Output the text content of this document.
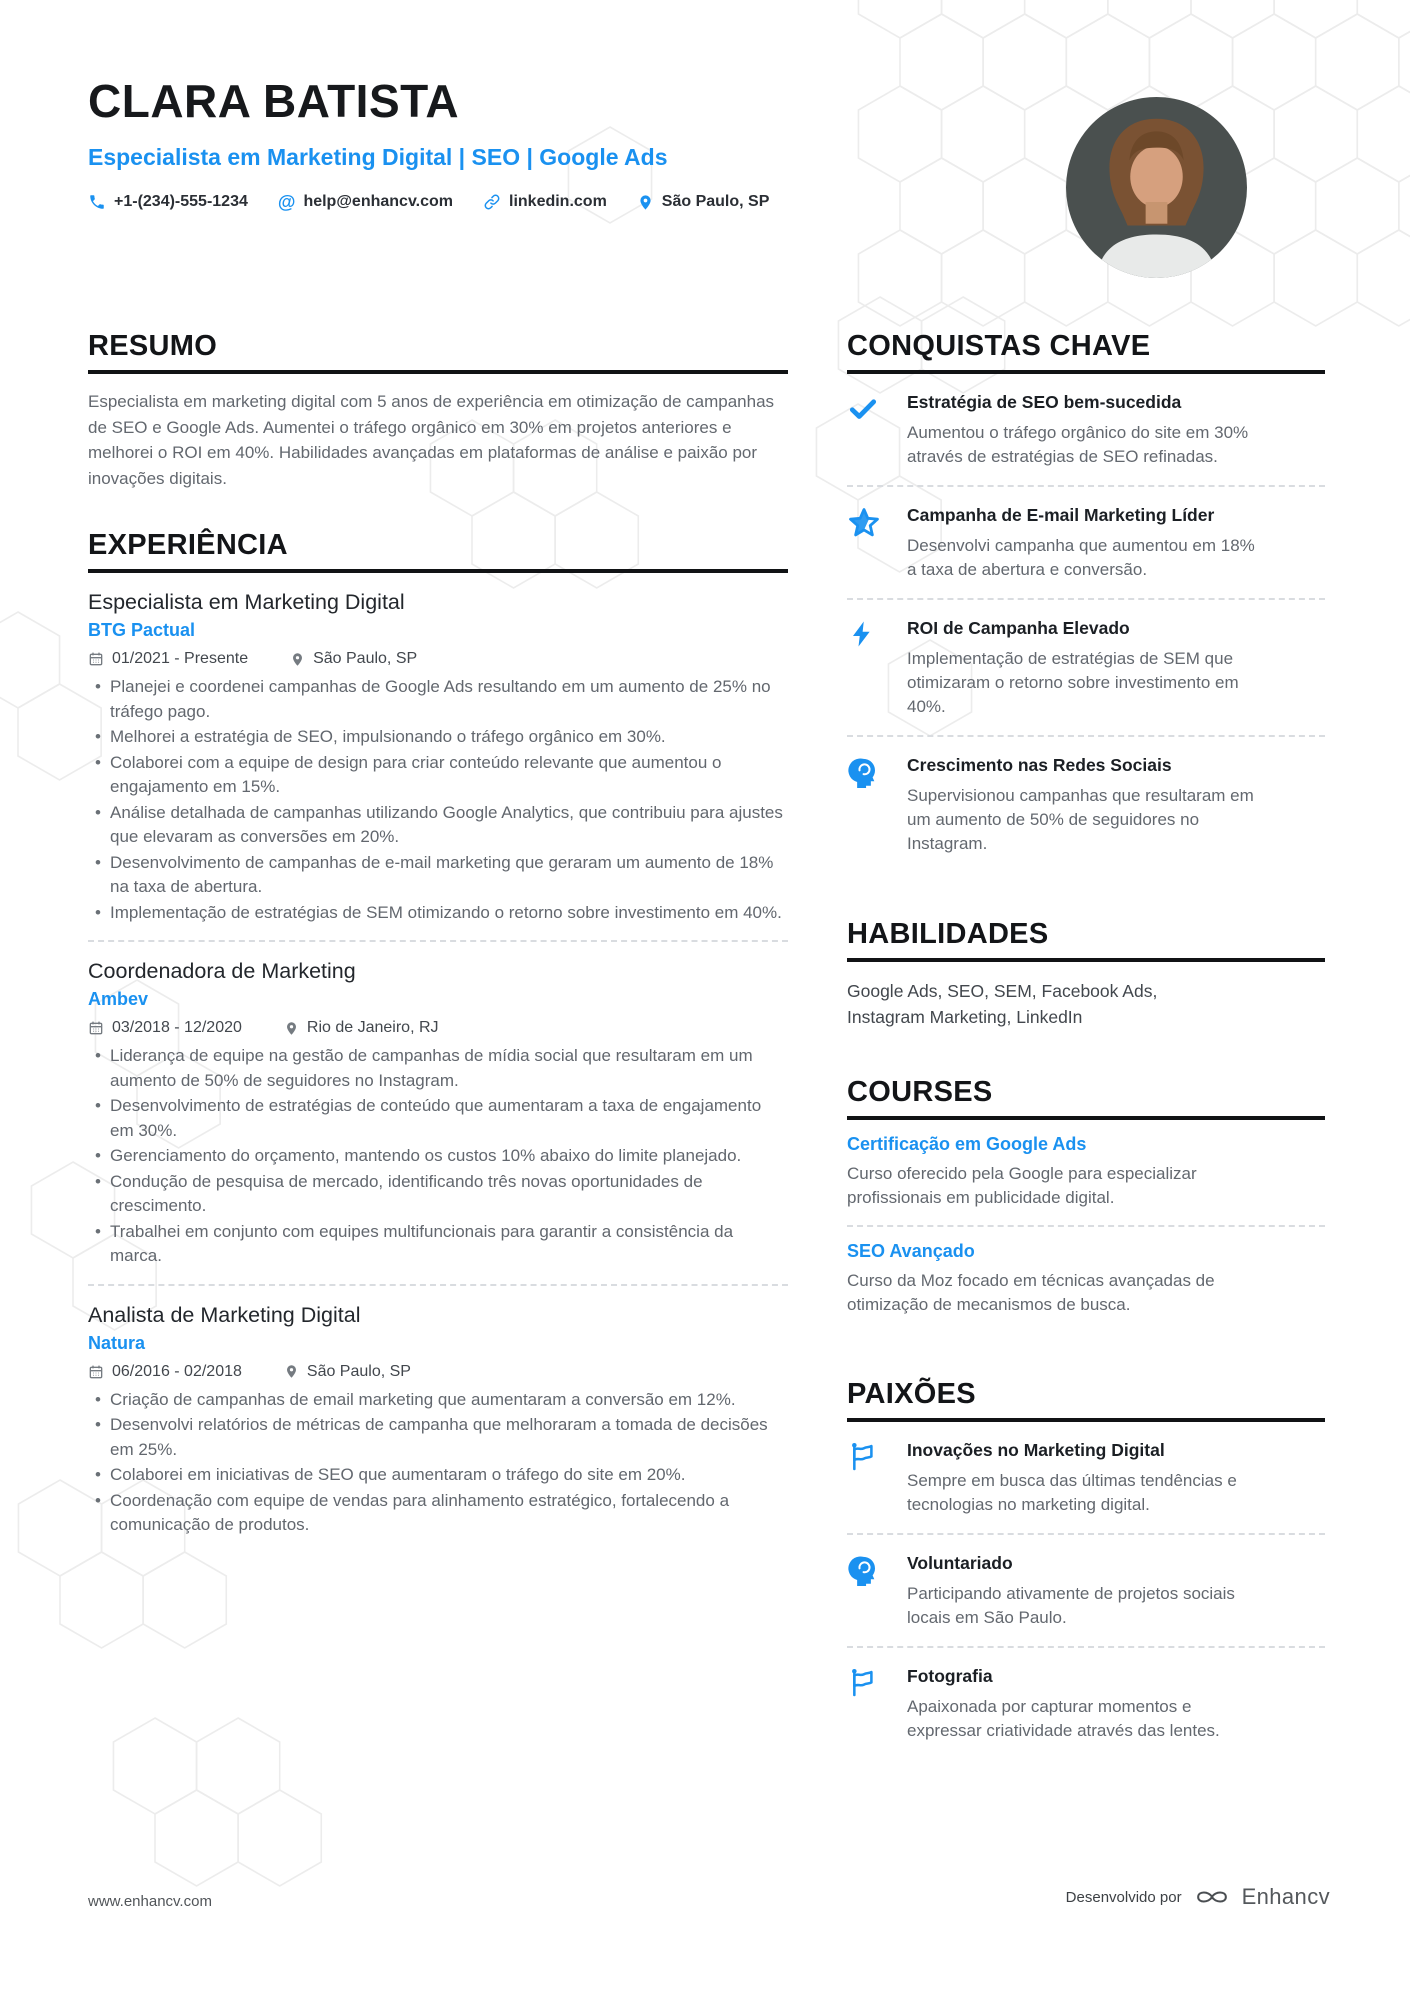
CLARA BATISTA
Especialista em Marketing Digital | SEO | Google Ads
+1-(234)-555-1234 @ help@enhancv.com	linkedin.com	São Paulo, SP
RESUMO

Especialista em marketing digital com 5 anos de experiência em otimização de campanhas de SEO e Google Ads. Aumentei o tráfego orgânico em 30% em projetos anteriores e melhorei o ROI em 40%. Habilidades avançadas em plataformas de análise e paixão por inovações digitais.

EXPERIÊNCIA
Especialista em Marketing Digital
BTG Pactual
01/2021 - Presente	São Paulo, SP
• Planejei e coordenei campanhas de Google Ads resultando em um aumento de 25% no tráfego pago.
• Melhorei a estratégia de SEO, impulsionando o tráfego orgânico em 30%.
• Colaborei com a equipe de design para criar conteúdo relevante que aumentou o engajamento em 15%.
• Análise detalhada de campanhas utilizando Google Analytics, que contribuiu para ajustes que elevaram as conversões em 20%.
• Desenvolvimento de campanhas de e-mail marketing que geraram um aumento de 18% na taxa de abertura.
• Implementação de estratégias de SEM otimizando o retorno sobre investimento em 40%.
Coordenadora de Marketing
Ambev
03/2018 - 12/2020	Rio de Janeiro, RJ
• Liderança de equipe na gestão de campanhas de mídia social que resultaram em um aumento de 50% de seguidores no Instagram.
• Desenvolvimento de estratégias de conteúdo que aumentaram a taxa de engajamento em 30%.
• Gerenciamento do orçamento, mantendo os custos 10% abaixo do limite planejado.
• Condução de pesquisa de mercado, identificando três novas oportunidades de crescimento.
• Trabalhei em conjunto com equipes multifuncionais para garantir a consistência da marca.
Analista de Marketing Digital
Natura
06/2016 - 02/2018	São Paulo, SP
• Criação de campanhas de email marketing que aumentaram a conversão em 12%.
• Desenvolvi relatórios de métricas de campanha que melhoraram a tomada de decisões em 25%.
• Colaborei em iniciativas de SEO que aumentaram o tráfego do site em 20%.
• Coordenação com equipe de vendas para alinhamento estratégico, fortalecendo a comunicação de produtos.
CONQUISTAS CHAVE
Estratégia de SEO bem-sucedida
Aumentou o tráfego orgânico do site em 30% através de estratégias de SEO refinadas.
Campanha de E-mail Marketing Líder
Desenvolvi campanha que aumentou em 18% a taxa de abertura e conversão.
ROI de Campanha Elevado
Implementação de estratégias de SEM que otimizaram o retorno sobre investimento em 40%.
Crescimento nas Redes Sociais
Supervisionou campanhas que resultaram em um aumento de 50% de seguidores no Instagram.
HABILIDADES
Google Ads, SEO, SEM, Facebook Ads, Instagram Marketing, LinkedIn
COURSES
Certificação em Google Ads
Curso oferecido pela Google para especializar profissionais em publicidade digital.
SEO Avançado
Curso da Moz focado em técnicas avançadas de otimização de mecanismos de busca.
PAIXÕES
Inovações no Marketing Digital
Sempre em busca das últimas tendências e tecnologias no marketing digital.
Voluntariado
Participando ativamente de projetos sociais locais em São Paulo.
Fotografia
Apaixonada por capturar momentos e expressar criatividade através das lentes.
www.enhancv.com	Desenvolvido por	Enhancv
